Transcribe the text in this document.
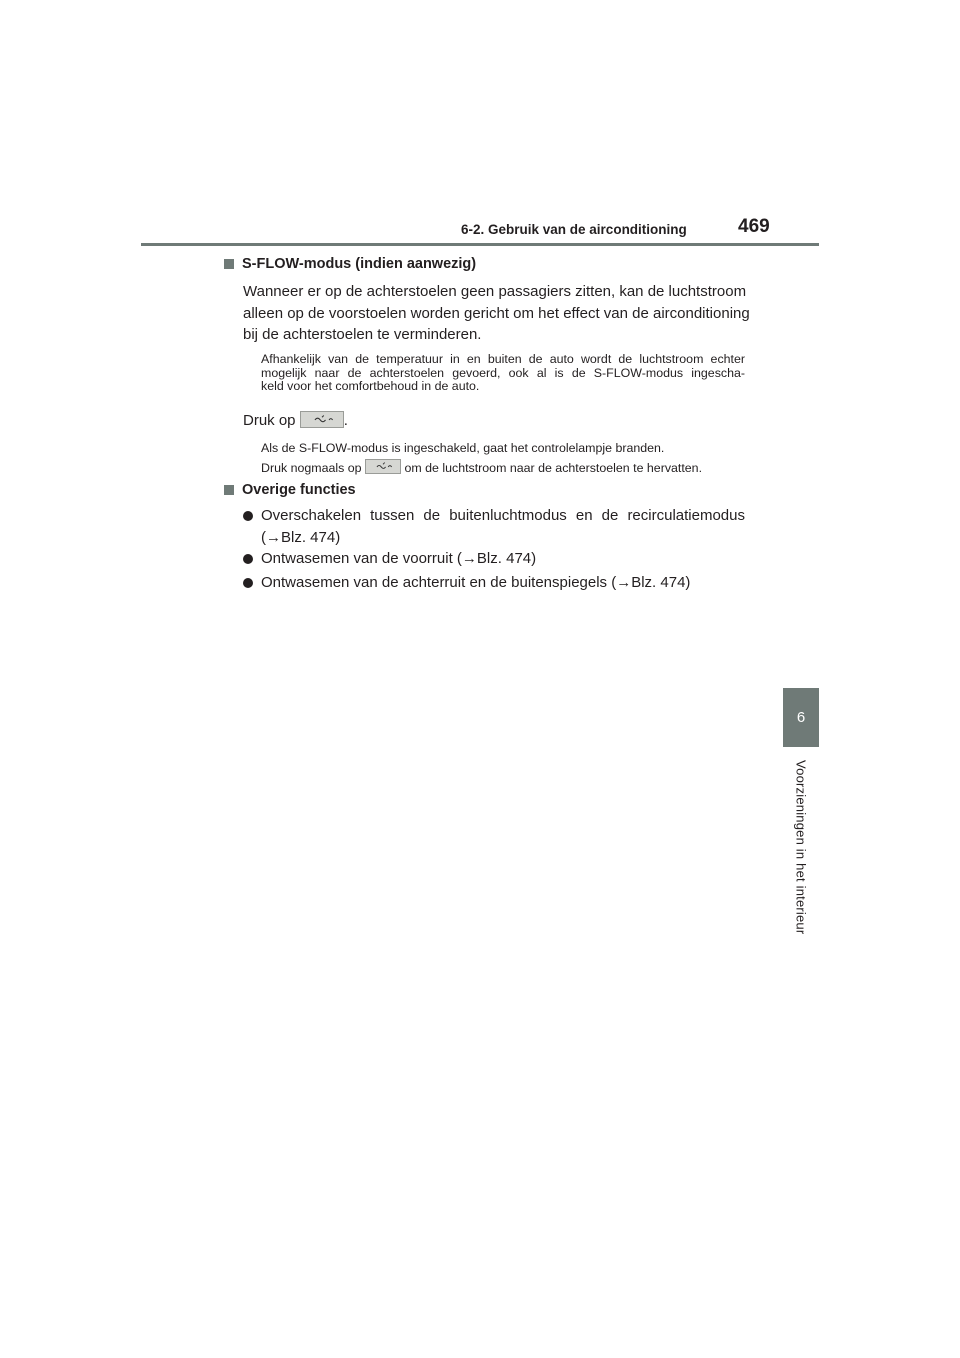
6-2. Gebruik van de airconditioning	469
6
Voorzieningen in het interieur
S-FLOW-modus (indien aanwezig)
Wanneer er op de achterstoelen geen passagiers zitten, kan de luchtstroom
alleen op de voorstoelen worden gericht om het effect van de airconditioning
bij de achterstoelen te verminderen.
Afhankelijk van de temperatuur in en buiten de auto wordt de luchtstroom echter
mogelijk naar de achterstoelen gevoerd, ook al is de S-FLOW-modus ingescha-
keld voor het comfortbehoud in de auto.
Druk op	.
Als de S-FLOW-modus is ingeschakeld, gaat het controlelampje branden.
Druk nogmaals op	om de luchtstroom naar de achterstoelen te hervatten.
Overige functies
Overschakelen tussen de buitenluchtmodus en de recirculatiemodus
(→Blz. 474)
Ontwasemen van de voorruit (→Blz. 474)
Ontwasemen van de achterruit en de buitenspiegels (→Blz. 474)
